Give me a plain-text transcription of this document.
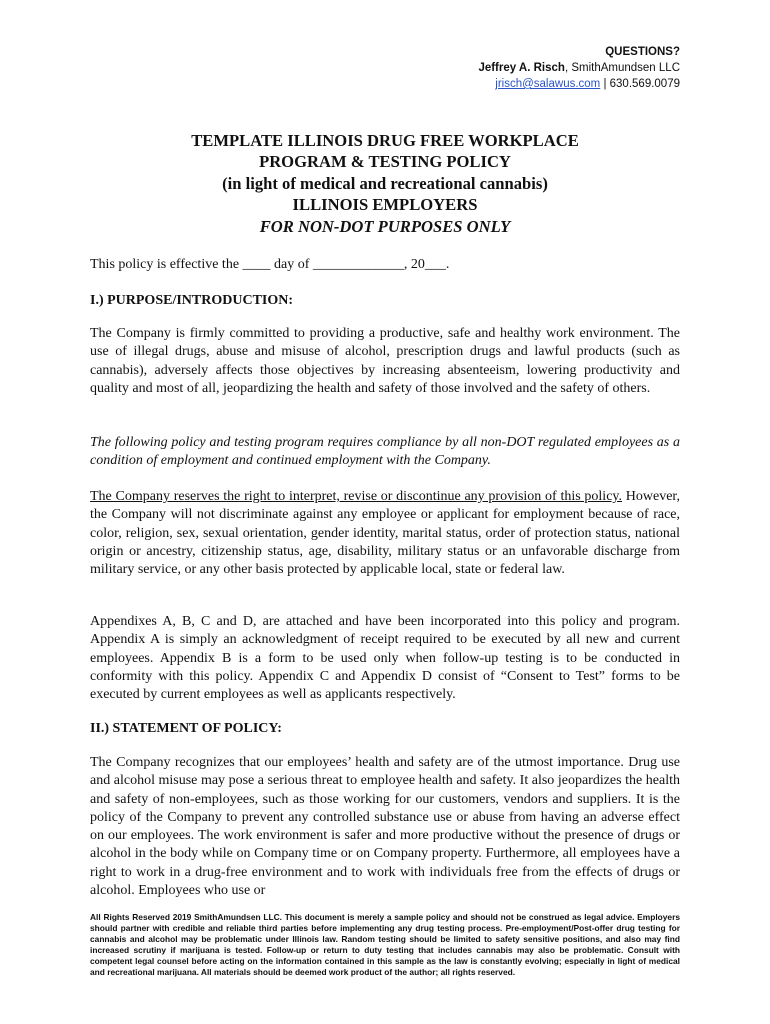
QUESTIONS?
Jeffrey A. Risch, SmithAmundsen LLC
jrisch@salawus.com | 630.569.0079
TEMPLATE ILLINOIS DRUG FREE WORKPLACE
PROGRAM & TESTING POLICY
(in light of medical and recreational cannabis)
ILLINOIS EMPLOYERS
FOR NON-DOT PURPOSES ONLY

This policy is effective the ____ day of _____________, 20___.

I.) PURPOSE/INTRODUCTION:

The Company is firmly committed to providing a productive, safe and healthy work environment. The use of illegal drugs, abuse and misuse of alcohol, prescription drugs and lawful products (such as cannabis), adversely affects those objectives by increasing absenteeism, lowering productivity and quality and most of all, jeopardizing the health and safety of those involved and the safety of others.

The following policy and testing program requires compliance by all non-DOT regulated employees as a condition of employment and continued employment with the Company.

The Company reserves the right to interpret, revise or discontinue any provision of this policy. However, the Company will not discriminate against any employee or applicant for employment because of race, color, religion, sex, sexual orientation, gender identity, marital status, order of protection status, national origin or ancestry, citizenship status, age, disability, military status or an unfavorable discharge from military service, or any other basis protected by applicable local, state or federal law.

Appendixes A, B, C and D, are attached and have been incorporated into this policy and program. Appendix A is simply an acknowledgment of receipt required to be executed by all new and current employees. Appendix B is a form to be used only when follow-up testing is to be conducted in conformity with this policy. Appendix C and Appendix D consist of “Consent to Test” forms to be executed by current employees as well as applicants respectively.

II.) STATEMENT OF POLICY:

The Company recognizes that our employees’ health and safety are of the utmost importance. Drug use and alcohol misuse may pose a serious threat to employee health and safety. It also jeopardizes the health and safety of non-employees, such as those working for our customers, vendors and suppliers. It is the policy of the Company to prevent any controlled substance use or abuse from having an adverse effect on our employees. The work environment is safer and more productive without the presence of drugs or alcohol in the body while on Company time or on Company property. Furthermore, all employees have a right to work in a drug-free environment and to work with individuals free from the effects of drugs or alcohol. Employees who use or

All Rights Reserved 2019 SmithAmundsen LLC. This document is merely a sample policy and should not be construed as legal advice. Employers should partner with credible and reliable third parties before implementing any drug testing process. Pre-employment/Post-offer drug testing for cannabis and alcohol may be problematic under Illinois law. Random testing should be limited to safety sensitive positions, and also may find increased scrutiny if marijuana is tested. Follow-up or return to duty testing that includes cannabis may also be problematic. Consult with competent legal counsel before acting on the information contained in this sample as the law is constantly evolving; especially in light of medical and recreational marijuana. All materials should be deemed work product of the author; all rights reserved.
